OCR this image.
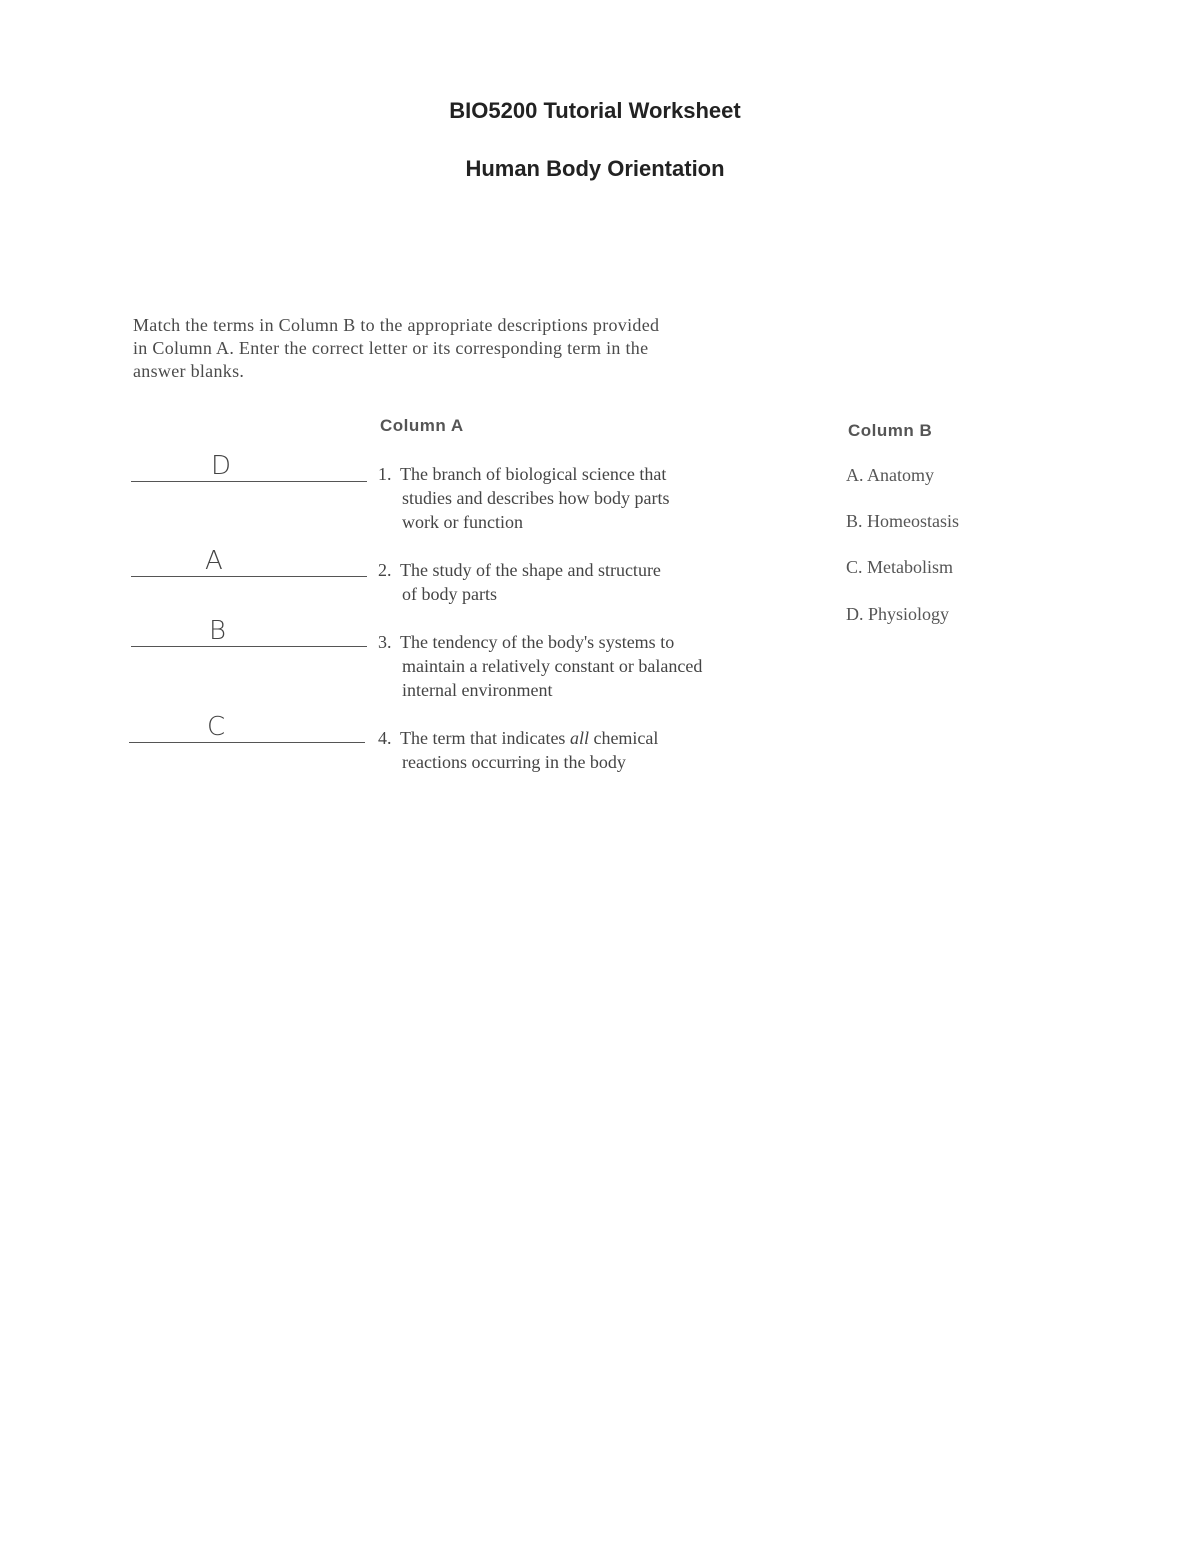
BIO5200 Tutorial Worksheet
Human Body Orientation
Match the terms in Column B to the appropriate descriptions provided
in Column A. Enter the correct letter or its corresponding term in the
answer blanks.
Column A	Column B
D	1. The branch of biological science that
studies and describes how body parts
work or function
A	2. The study of the shape and structure
of body parts
B	3. The tendency of the body's systems to
maintain a relatively constant or balanced
internal environment
C	4. The term that indicates all chemical
reactions occurring in the body
A. Anatomy
B. Homeostasis
C. Metabolism
D. Physiology
